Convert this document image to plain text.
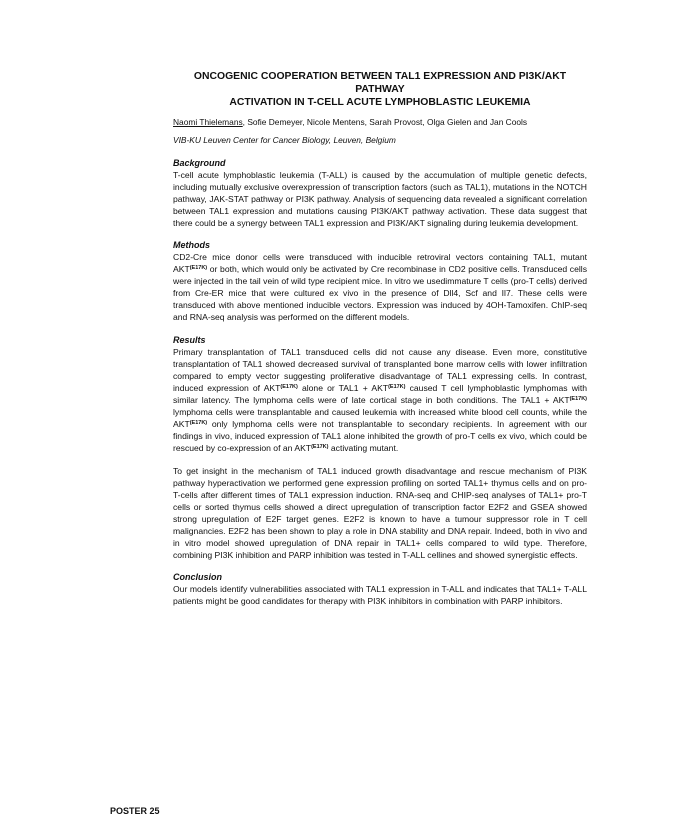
ONCOGENIC COOPERATION BETWEEN TAL1 EXPRESSION AND PI3K/AKT PATHWAY
ACTIVATION IN T-CELL ACUTE LYMPHOBLASTIC LEUKEMIA
Naomi Thielemans, Sofie Demeyer, Nicole Mentens, Sarah Provost, Olga Gielen and Jan Cools
VIB-KU Leuven Center for Cancer Biology, Leuven, Belgium
Background
T-cell acute lymphoblastic leukemia (T-ALL) is caused by the accumulation of multiple genetic defects, including mutually exclusive overexpression of transcription factors (such as TAL1), mutations in the NOTCH pathway, JAK-STAT pathway or PI3K pathway. Analysis of sequencing data revealed a significant correlation between TAL1 expression and mutations causing PI3K/AKT pathway activation. These data suggest that there could be a synergy between TAL1 expression and PI3K/AKT signaling during leukemia development.
Methods
CD2-Cre mice donor cells were transduced with inducible retroviral vectors containing TAL1, mutant $AKT^{(E17K)}$ or both, which would only be activated by Cre recombinase in CD2 positive cells. Transduced cells were injected in the tail vein of wild type recipient mice. In vitro we usedimmature T cells (pro-T cells) derived from Cre-ER mice that were cultured ex vivo in the presence of Dll4, Scf and Il7. These cells were transduced with above mentioned inducible vectors. Expression was induced by 4OH-Tamoxifen. ChIP-seq and RNA-seq analysis was performed on the different models.
Results
Primary transplantation of TAL1 transduced cells did not cause any disease. Even more, constitutive transplantation of TAL1 showed decreased survival of transplanted bone marrow cells with lower infiltration compared to empty vector suggesting proliferative disadvantage of TAL1 expressing cells. In contrast, induced expression of $AKT^{(E17K)}$ alone or $TAL1 + AKT^{(E17K)}$ caused T cell lymphoblastic lymphomas with similar latency. The lymphoma cells were of late cortical stage in both conditions. The $TAL1 + AKT^{(E17K)}$ lymphoma cells were transplantable and caused leukemia with increased white blood cell counts, while the $AKT^{(E17K)}$ only lymphoma cells were not transplantable to secondary recipients. In agreement with our findings in vivo, induced expression of TAL1 alone inhibited the growth of pro-T cells ex vivo, which could be rescued by co-expression of an $AKT^{(E17K)}$ activating mutant.
To get insight in the mechanism of TAL1 induced growth disadvantage and rescue mechanism of PI3K pathway hyperactivation we performed gene expression profiling on sorted TAL1+ thymus cells and on pro-T-cells after different times of TAL1 expression induction. RNA-seq and CHIP-seq analyses of TAL1+ pro-T cells or sorted thymus cells showed a direct upregulation of transcription factor E2F2 and GSEA showed strong upregulation of E2F target genes. E2F2 is known to have a tumour suppressor role in T cell malignancies. E2F2 has been shown to play a role in DNA stability and DNA repair. Indeed, both in vivo and in vitro model showed upregulation of DNA repair in TAL1+ cells compared to wild type. Therefore, combining PI3K inhibition and PARP inhibition was tested in T-ALL cellines and showed synergistic effects.
Conclusion
Our models identify vulnerabilities associated with TAL1 expression in T-ALL and indicates that TAL1+ T-ALL patients might be good candidates for therapy with PI3K inhibitors in combination with PARP inhibitors.
POSTER 25
